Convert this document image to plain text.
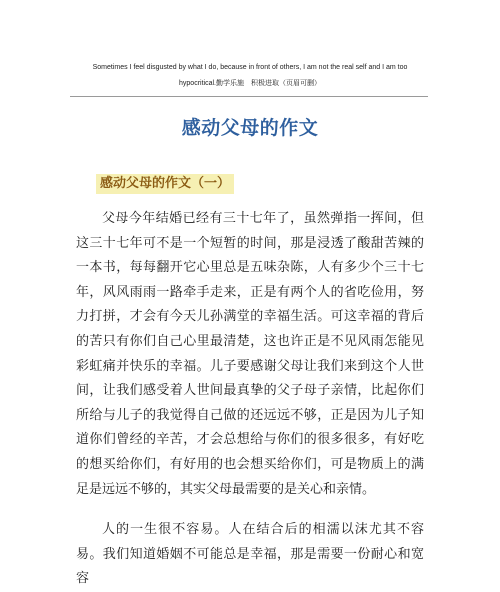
Sometimes I feel disgusted by what I do, because in front of others, I am not the real self and I am too
hypocritical.勤学乐施　积极进取（页眉可删）
感动父母的作文
感动父母的作文（一）

父母今年结婚已经有三十七年了，虽然弹指一挥间，但这三十七年可不是一个短暂的时间，那是浸透了酸甜苦辣的一本书，每每翻开它心里总是五味杂陈，人有多少个三十七年，风风雨雨一路牵手走来，正是有两个人的省吃俭用，努力打拼，才会有今天儿孙满堂的幸福生活。可这幸福的背后的苦只有你们自己心里最清楚，这也许正是不见风雨怎能见彩虹痛并快乐的幸福。儿子要感谢父母让我们来到这个人世间，让我们感受着人世间最真挚的父子母子亲情，比起你们所给与儿子的我觉得自己做的还远远不够，正是因为儿子知道你们曾经的辛苦，才会总想给与你们的很多很多，有好吃的想买给你们，有好用的也会想买给你们，可是物质上的满足是远远不够的，其实父母最需要的是关心和亲情。

人的一生很不容易。人在结合后的相濡以沫尤其不容易。我们知道婚姻不可能总是幸福，那是需要一份耐心和宽容
